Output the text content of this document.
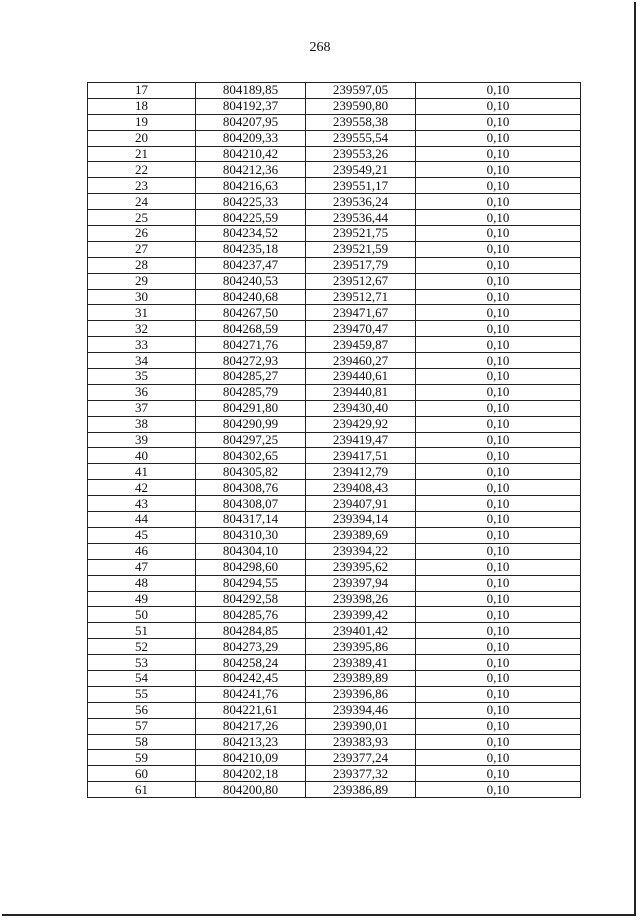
268
17	804189,85	239597,05	0,10
18	804192,37	239590,80	0,10
19	804207,95	239558,38	0,10
20	804209,33	239555,54	0,10
21	804210,42	239553,26	0,10
22	804212,36	239549,21	0,10
23	804216,63	239551,17	0,10
24	804225,33	239536,24	0,10
25	804225,59	239536,44	0,10
26	804234,52	239521,75	0,10
27	804235,18	239521,59	0,10
28	804237,47	239517,79	0,10
29	804240,53	239512,67	0,10
30	804240,68	239512,71	0,10
31	804267,50	239471,67	0,10
32	804268,59	239470,47	0,10
33	804271,76	239459,87	0,10
34	804272,93	239460,27	0,10
35	804285,27	239440,61	0,10
36	804285,79	239440,81	0,10
37	804291,80	239430,40	0,10
38	804290,99	239429,92	0,10
39	804297,25	239419,47	0,10
40	804302,65	239417,51	0,10
41	804305,82	239412,79	0,10
42	804308,76	239408,43	0,10
43	804308,07	239407,91	0,10
44	804317,14	239394,14	0,10
45	804310,30	239389,69	0,10
46	804304,10	239394,22	0,10
47	804298,60	239395,62	0,10
48	804294,55	239397,94	0,10
49	804292,58	239398,26	0,10
50	804285,76	239399,42	0,10
51	804284,85	239401,42	0,10
52	804273,29	239395,86	0,10
53	804258,24	239389,41	0,10
54	804242,45	239389,89	0,10
55	804241,76	239396,86	0,10
56	804221,61	239394,46	0,10
57	804217,26	239390,01	0,10
58	804213,23	239383,93	0,10
59	804210,09	239377,24	0,10
60	804202,18	239377,32	0,10
61	804200,80	239386,89	0,10
